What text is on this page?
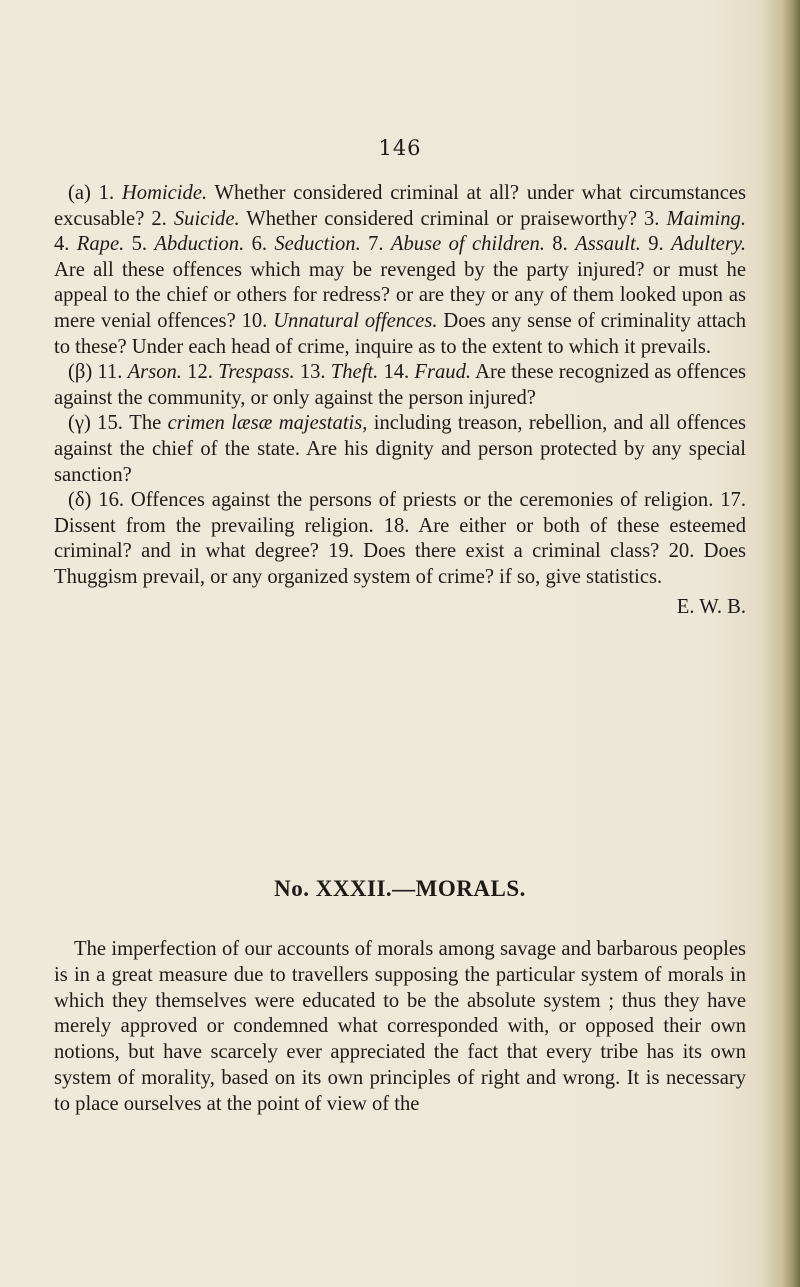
146

(a) 1. Homicide. Whether considered criminal at all? under what circumstances excusable? 2. Suicide. Whether considered criminal or praiseworthy? 3. Maiming. 4. Rape. 5. Abduction. 6. Seduction. 7. Abuse of children. 8. Assault. 9. Adultery. Are all these offences which may be revenged by the party injured? or must he appeal to the chief or others for redress? or are they or any of them looked upon as mere venial offences? 10. Unnatural offences. Does any sense of criminality attach to these? Under each head of crime, inquire as to the extent to which it prevails.

(β) 11. Arson. 12. Trespass. 13. Theft. 14. Fraud. Are these recognized as offences against the community, or only against the person injured?

(γ) 15. The crimen læsæ majestatis, including treason, rebellion, and all offences against the chief of the state. Are his dignity and person protected by any special sanction?

(δ) 16. Offences against the persons of priests or the ceremonies of religion. 17. Dissent from the prevailing religion. 18. Are either or both of these esteemed criminal? and in what degree? 19. Does there exist a criminal class? 20. Does Thuggism prevail, or any organized system of crime? if so, give statistics.

E. W. B.
No. XXXII.—MORALS.

The imperfection of our accounts of morals among savage and barbarous peoples is in a great measure due to travellers supposing the particular system of morals in which they themselves were educated to be the absolute system ; thus they have merely approved or condemned what corresponded with, or opposed their own notions, but have scarcely ever appreciated the fact that every tribe has its own system of morality, based on its own principles of right and wrong. It is necessary to place ourselves at the point of view of the
